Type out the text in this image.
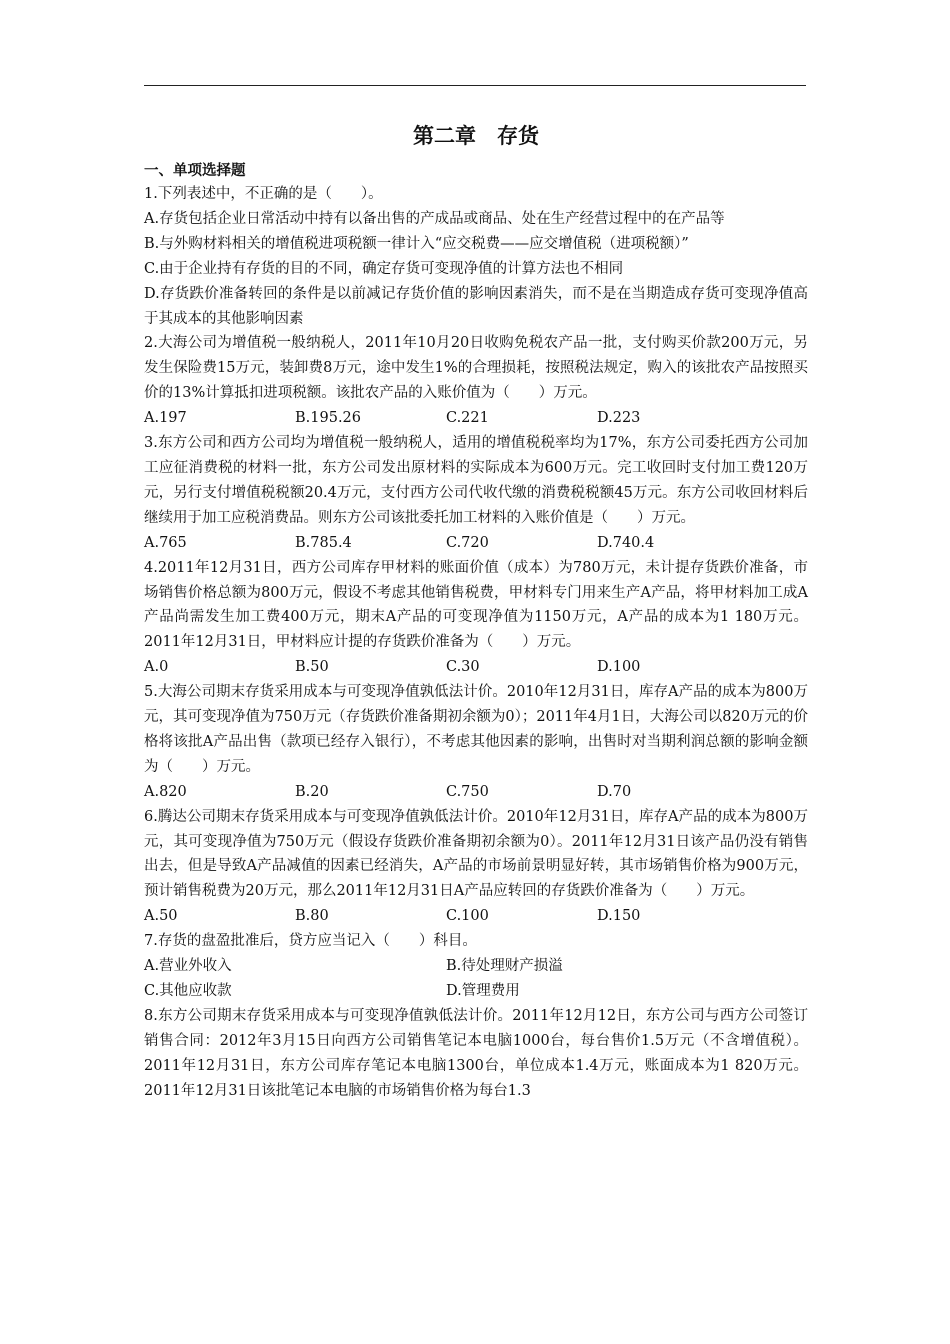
第二章　存货
一、单项选择题

1.下列表述中，不正确的是（　　）。

A.存货包括企业日常活动中持有以备出售的产成品或商品、处在生产经营过程中的在产品等

B.与外购材料相关的增值税进项税额一律计入“应交税费——应交增值税（进项税额）”

C.由于企业持有存货的目的不同，确定存货可变现净值的计算方法也不相同

D.存货跌价准备转回的条件是以前减记存货价值的影响因素消失，而不是在当期造成存货可变现净值高于其成本的其他影响因素

2.大海公司为增值税一般纳税人，2011年10月20日收购免税农产品一批，支付购买价款200万元，另发生保险费15万元，装卸费8万元，途中发生1%的合理损耗，按照税法规定，购入的该批农产品按照买价的13%计算抵扣进项税额。该批农产品的入账价值为（　　）万元。

A.197	B.195.26	C.221	D.223

3.东方公司和西方公司均为增值税一般纳税人，适用的增值税税率均为17%，东方公司委托西方公司加工应征消费税的材料一批，东方公司发出原材料的实际成本为600万元。完工收回时支付加工费120万元，另行支付增值税税额20.4万元，支付西方公司代收代缴的消费税税额45万元。东方公司收回材料后继续用于加工应税消费品。则东方公司该批委托加工材料的入账价值是（　　）万元。

A.765	B.785.4	C.720	D.740.4

4.2011年12月31日，西方公司库存甲材料的账面价值（成本）为780万元，未计提存货跌价准备，市场销售价格总额为800万元，假设不考虑其他销售税费，甲材料专门用来生产A产品，将甲材料加工成A产品尚需发生加工费400万元，期末A产品的可变现净值为1150万元，A产品的成本为1 180万元。2011年12月31日，甲材料应计提的存货跌价准备为（　　）万元。

A.0	B.50	C.30	D.100

5.大海公司期末存货采用成本与可变现净值孰低法计价。2010年12月31日，库存A产品的成本为800万元，其可变现净值为750万元（存货跌价准备期初余额为0）；2011年4月1日，大海公司以820万元的价格将该批A产品出售（款项已经存入银行），不考虑其他因素的影响，出售时对当期利润总额的影响金额为（　　）万元。

A.820	B.20	C.750	D.70

6.腾达公司期末存货采用成本与可变现净值孰低法计价。2010年12月31日，库存A产品的成本为800万元，其可变现净值为750万元（假设存货跌价准备期初余额为0）。2011年12月31日该产品仍没有销售出去，但是导致A产品减值的因素已经消失，A产品的市场前景明显好转，其市场销售价格为900万元，预计销售税费为20万元，那么2011年12月31日A产品应转回的存货跌价准备为（　　）万元。

A.50	B.80	C.100	D.150

7.存货的盘盈批准后，贷方应当记入（　　）科目。

A.营业外收入	B.待处理财产损溢
C.其他应收款	D.管理费用

8.东方公司期末存货采用成本与可变现净值孰低法计价。2011年12月12日，东方公司与西方公司签订销售合同：2012年3月15日向西方公司销售笔记本电脑1000台，每台售价1.5万元（不含增值税）。2011年12月31日，东方公司库存笔记本电脑1300台，单位成本1.4万元，账面成本为1 820万元。2011年12月31日该批笔记本电脑的市场销售价格为每台1.3
